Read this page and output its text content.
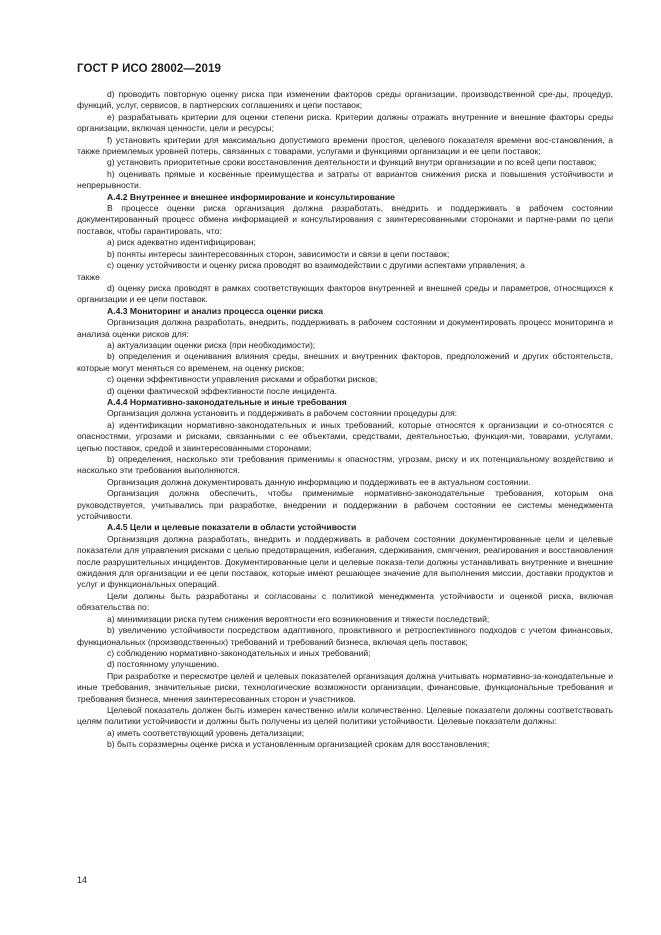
ГОСТ Р ИСО 28002—2019

d) проводить повторную оценку риска при изменении факторов среды организации, производственной сре-ды, процедур, функций, услуг, сервисов, в партнерских соглашениях и цепи поставок;

e) разрабатывать критерии для оценки степени риска. Критерии должны отражать внутренние и внешние факторы среды организации, включая ценности, цели и ресурсы;

f) установить критерии для максимально допустимого времени простоя, целевого показателя времени вос-становления, а также приемлемых уровней потерь, связанных с товарами, услугами и функциями организации и ее цепи поставок;

g) установить приоритетные сроки восстановления деятельности и функций внутри организации и по всей цепи поставок;

h) оценивать прямые и косвенные преимущества и затраты от вариантов снижения риска и повышения устойчивости и непрерывности.

А.4.2 Внутреннее и внешнее информирование и консультирование

В процессе оценки риска организация должна разработать, внедрить и поддерживать в рабочем состоянии документированный процесс обмена информацией и консультирования с заинтересованными сторонами и партне-рами по цепи поставок, чтобы гарантировать, что:

a) риск адекватно идентифицирован;

b) поняты интересы заинтересованных сторон, зависимости и связи в цепи поставок;

c) оценку устойчивости и оценку риска проводят во взаимодействии с другими аспектами управления; а

также

d) оценку риска проводят в рамках соответствующих факторов внутренней и внешней среды и параметров, относящихся к организации и ее цепи поставок.

А.4.3 Мониторинг и анализ процесса оценки риска

Организация должна разработать, внедрить, поддерживать в рабочем состоянии и документировать процесс мониторинга и анализа оценки рисков для:

a) актуализации оценки риска (при необходимости);

b) определения и оценивания влияния среды, внешних и внутренних факторов, предположений и других обстоятельств, которые могут меняться со временем, на оценку рисков;

c) оценки эффективности управления рисками и обработки рисков;

d) оценки фактической эффективности после инцидента.

А.4.4 Нормативно-законодательные и иные требования

Организация должна установить и поддерживать в рабочем состоянии процедуры для:

a) идентификации нормативно-законодательных и иных требований, которые относятся к организации и со-относятся с опасностями, угрозами и рисками, связанными с ее объектами, средствами, деятельностью, функция-ми, товарами, услугами, цепью поставок, средой и заинтересованными сторонами;

b) определения, насколько эти требования применимы к опасностям, угрозам, риску и их потенциальному воздействию и насколько эти требования выполняются.

Организация должна документировать данную информацию и поддерживать ее в актуальном состоянии.

Организация должна обеспечить, чтобы применимые нормативно-законодательные требования, которым она руководствуется, учитывались при разработке, внедрении и поддержании в рабочем состоянии ее системы менеджмента устойчивости.

А.4.5 Цели и целевые показатели в области устойчивости

Организация должна разработать, внедрить и поддерживать в рабочем состоянии документированные цели и целевые показатели для управления рисками с целью предотвращения, избегания, сдерживания, смягчения, реагирования и восстановления после разрушительных инцидентов. Документированные цели и целевые показа-тели должны устанавливать внутренние и внешние ожидания для организации и ее цепи поставок, которые имеют решающее значение для выполнения миссии, доставки продуктов и услуг и функциональных операций.

Цели должны быть разработаны и согласованы с политикой менеджмента устойчивости и оценкой риска, включая обязательства по:

a) минимизации риска путем снижения вероятности его возникновения и тяжести последствий;

b) увеличению устойчивости посредством адаптивного, проактивного и ретроспективного подходов с учетом финансовых, функциональных (производственных) требований и требований бизнеса, включая цепь поставок;

c) соблюдению нормативно-законодательных и иных требований;

d) постоянному улучшению.

При разработке и пересмотре целей и целевых показателей организация должна учитывать нормативно-за-конодательные и иные требования, значительные риски, технологические возможности организации, финансовые, функциональные требования и требования бизнеса, мнения заинтересованных сторон и участников.

Целевой показатель должен быть измерен качественно и/или количественно. Целевые показатели должны соответствовать целям политики устойчивости и должны быть получены из целей политики устойчивости. Целевые показатели должны:

a) иметь соответствующий уровень детализации;

b) быть соразмерны оценке риска и установленным организацией срокам для восстановления;

14
